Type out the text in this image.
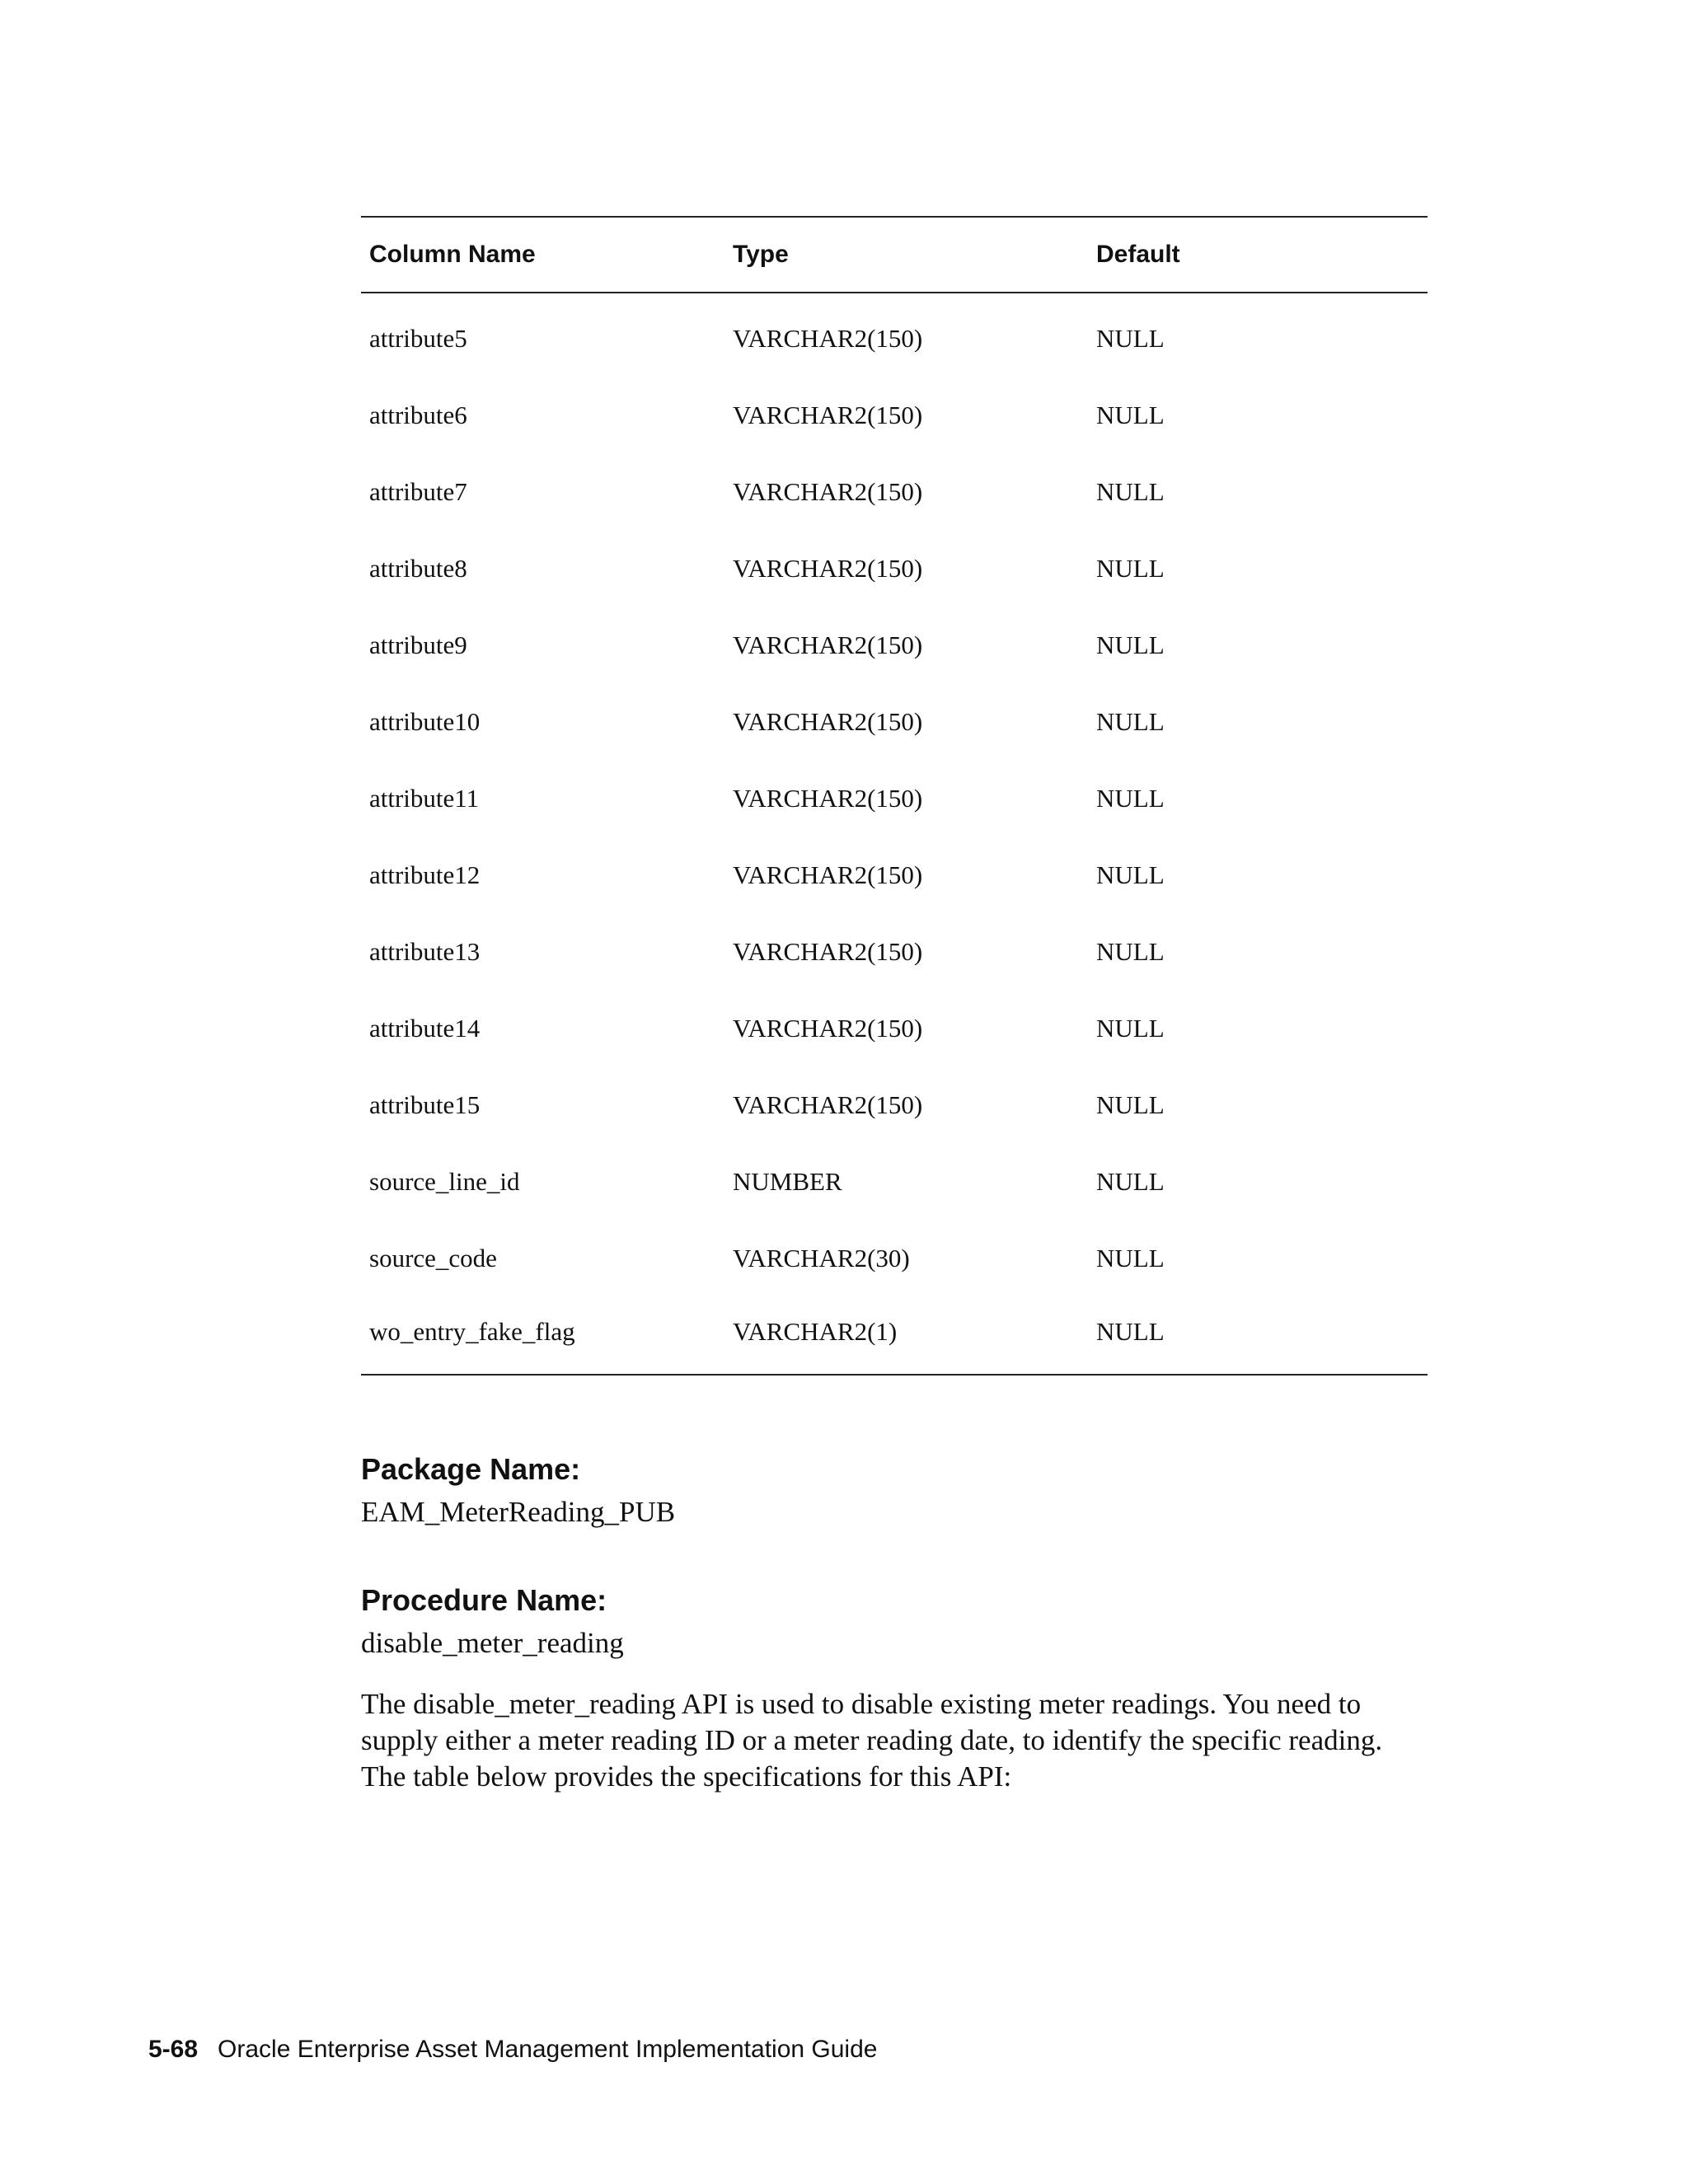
Column Name	Type	Default
attribute5	VARCHAR2(150)	NULL
attribute6	VARCHAR2(150)	NULL
attribute7	VARCHAR2(150)	NULL
attribute8	VARCHAR2(150)	NULL
attribute9	VARCHAR2(150)	NULL
attribute10	VARCHAR2(150)	NULL
attribute11	VARCHAR2(150)	NULL
attribute12	VARCHAR2(150)	NULL
attribute13	VARCHAR2(150)	NULL
attribute14	VARCHAR2(150)	NULL
attribute15	VARCHAR2(150)	NULL
source_line_id	NUMBER	NULL
source_code	VARCHAR2(30)	NULL
wo_entry_fake_flag	VARCHAR2(1)	NULL
Package Name:
EAM_MeterReading_PUB
Procedure Name:
disable_meter_reading

The disable_meter_reading API is used to disable existing meter readings. You need to supply either a meter reading ID or a meter reading date, to identify the specific reading. The table below provides the specifications for this API:

5-68 Oracle Enterprise Asset Management Implementation Guide
